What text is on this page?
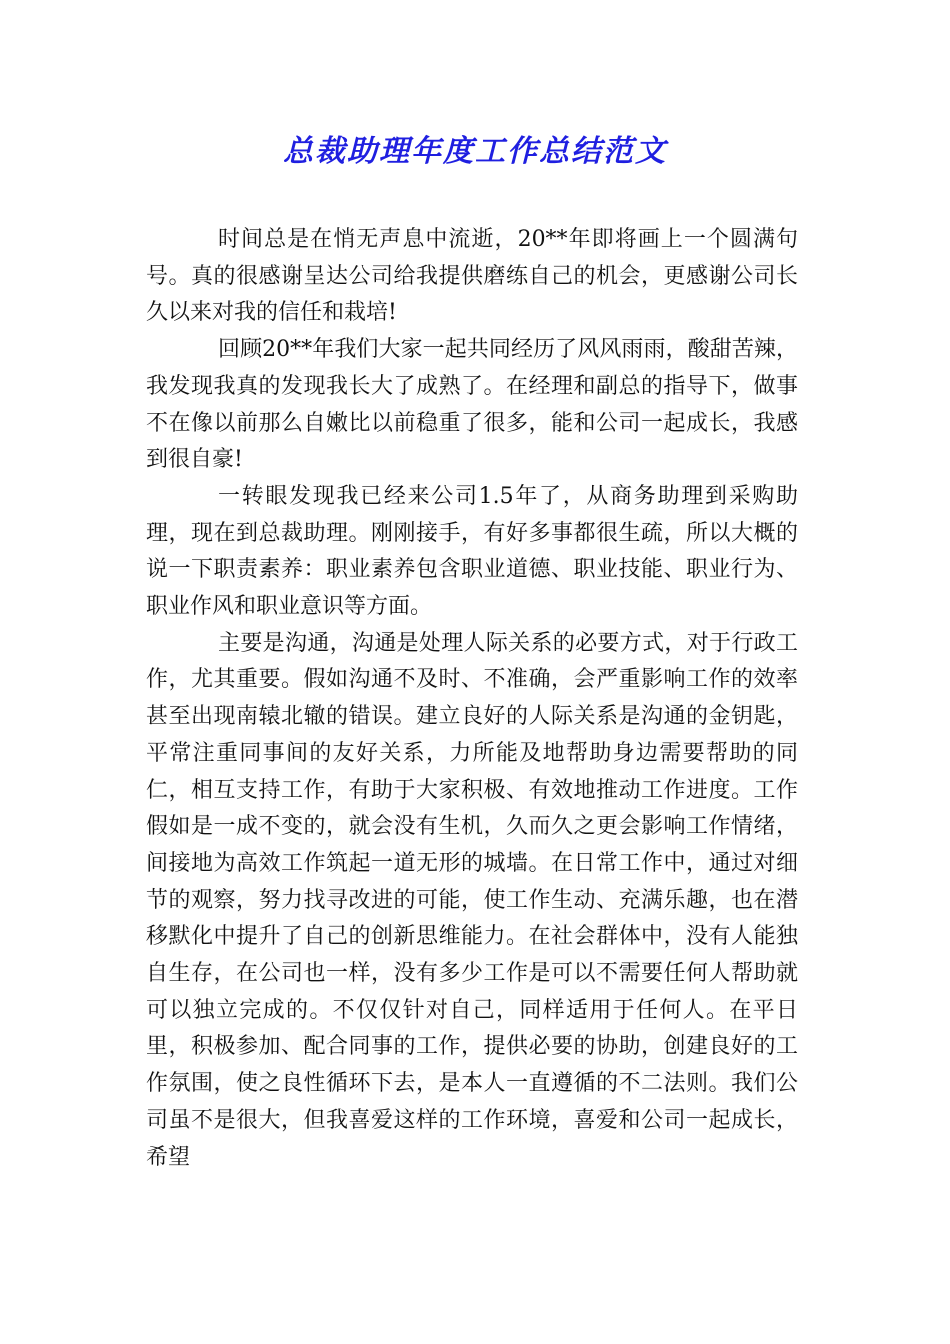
总裁助理年度工作总结范文

时间总是在悄无声息中流逝，20**年即将画上一个圆满句号。真的很感谢呈达公司给我提供磨练自己的机会，更感谢公司长久以来对我的信任和栽培!

回顾20**年我们大家一起共同经历了风风雨雨，酸甜苦辣，我发现我真的发现我长大了成熟了。在经理和副总的指导下，做事不在像以前那么自嫩比以前稳重了很多，能和公司一起成长，我感到很自豪!

一转眼发现我已经来公司1.5年了，从商务助理到采购助理，现在到总裁助理。刚刚接手，有好多事都很生疏，所以大概的说一下职责素养：职业素养包含职业道德、职业技能、职业行为、职业作风和职业意识等方面。

主要是沟通，沟通是处理人际关系的必要方式，对于行政工作，尤其重要。假如沟通不及时、不准确，会严重影响工作的效率甚至出现南辕北辙的错误。建立良好的人际关系是沟通的金钥匙，平常注重同事间的友好关系，力所能及地帮助身边需要帮助的同仁，相互支持工作，有助于大家积极、有效地推动工作进度。工作假如是一成不变的，就会没有生机，久而久之更会影响工作情绪，间接地为高效工作筑起一道无形的城墙。在日常工作中，通过对细节的观察，努力找寻改进的可能，使工作生动、充满乐趣，也在潜移默化中提升了自己的创新思维能力。在社会群体中，没有人能独自生存，在公司也一样，没有多少工作是可以不需要任何人帮助就可以独立完成的。不仅仅针对自己，同样适用于任何人。在平日里，积极参加、配合同事的工作，提供必要的协助，创建良好的工作氛围，使之良性循环下去，是本人一直遵循的不二法则。我们公司虽不是很大，但我喜爱这样的工作环境，喜爱和公司一起成长，希望
